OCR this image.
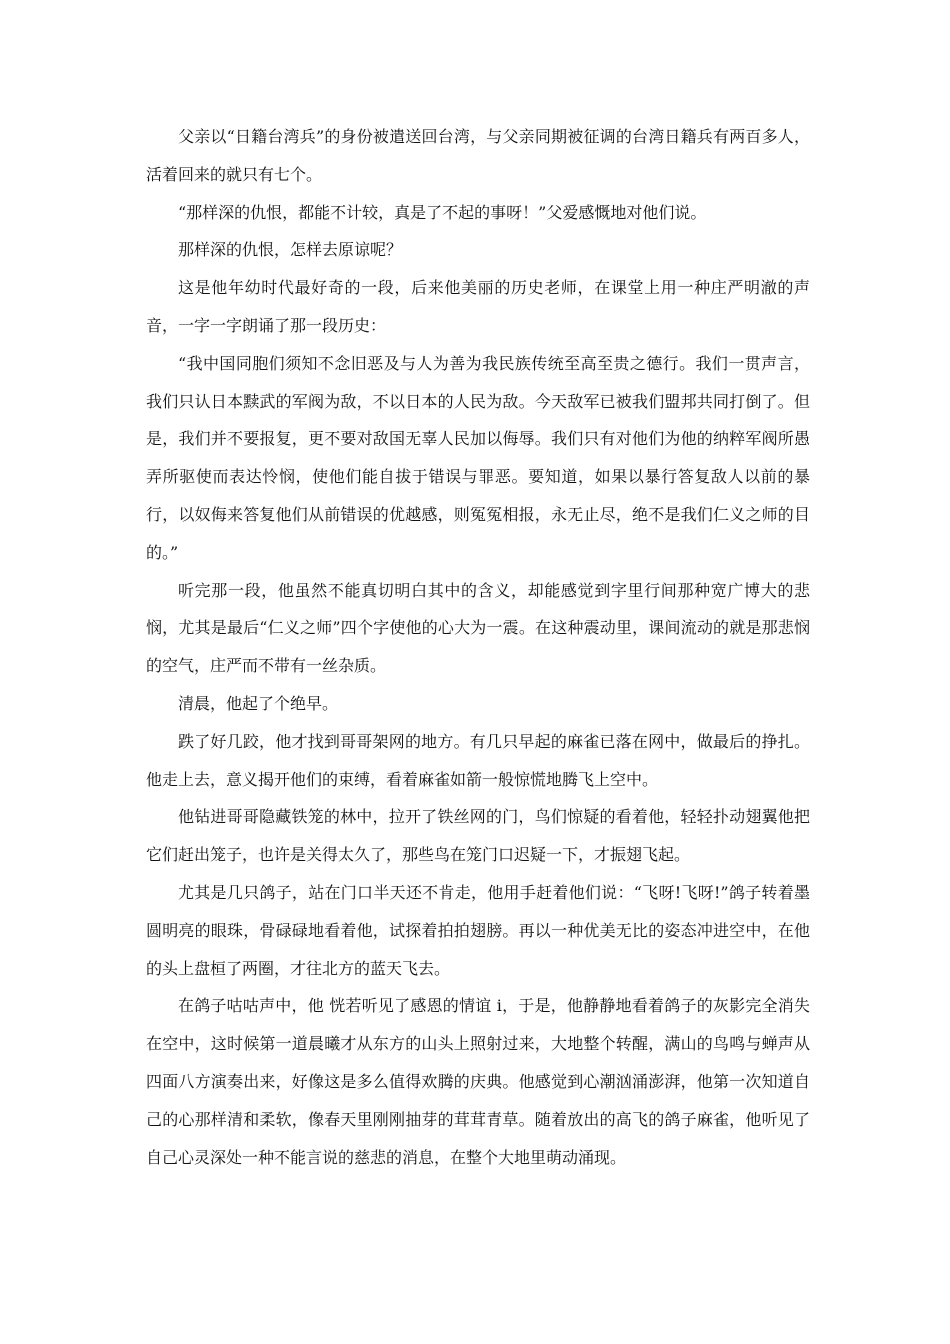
父亲以“日籍台湾兵”的身份被遣送回台湾，与父亲同期被征调的台湾日籍兵有两百多人，活着回来的就只有七个。

“那样深的仇恨，都能不计较，真是了不起的事呀！”父爱感慨地对他们说。

那样深的仇恨，怎样去原谅呢？

这是他年幼时代最好奇的一段，后来他美丽的历史老师，在课堂上用一种庄严明澈的声音，一字一字朗诵了那一段历史：

“我中国同胞们须知不念旧恶及与人为善为我民族传统至高至贵之德行。我们一贯声言，我们只认日本黩武的军阀为敌，不以日本的人民为敌。今天敌军已被我们盟邦共同打倒了。但是，我们并不要报复，更不要对敌国无辜人民加以侮辱。我们只有对他们为他的纳粹军阀所愚弄所驱使而表达怜悯，使他们能自拔于错误与罪恶。要知道，如果以暴行答复敌人以前的暴行，以奴侮来答复他们从前错误的优越感，则冤冤相报，永无止尽，绝不是我们仁义之师的目的。”

听完那一段，他虽然不能真切明白其中的含义，却能感觉到字里行间那种宽广博大的悲悯，尤其是最后“仁义之师”四个字使他的心大为一震。在这种震动里，课间流动的就是那悲悯的空气，庄严而不带有一丝杂质。

清晨，他起了个绝早。

跌了好几跤，他才找到哥哥架网的地方。有几只早起的麻雀已落在网中，做最后的挣扎。他走上去，意义揭开他们的束缚，看着麻雀如箭一般惊慌地腾飞上空中。

他钻进哥哥隐藏铁笼的林中，拉开了铁丝网的门，鸟们惊疑的看着他，轻轻扑动翅翼他把它们赶出笼子，也许是关得太久了，那些鸟在笼门口迟疑一下，才振翅飞起。

尤其是几只鸽子，站在门口半天还不肯走，他用手赶着他们说：“飞呀!飞呀!”鸽子转着墨圆明亮的眼珠，骨碌碌地看着他，试探着拍拍翅膀。再以一种优美无比的姿态冲进空中，在他的头上盘桓了两圈，才往北方的蓝天飞去。

在鸽子咕咕声中，他 恍若听见了感恩的情谊 i，于是，他静静地看着鸽子的灰影完全消失在空中，这时候第一道晨曦才从东方的山头上照射过来，大地整个转醒，满山的鸟鸣与蝉声从四面八方演奏出来，好像这是多么值得欢腾的庆典。他感觉到心潮汹涌澎湃，他第一次知道自己的心那样清和柔软，像春天里刚刚抽芽的茸茸青草。随着放出的高飞的鸽子麻雀，他听见了自己心灵深处一种不能言说的慈悲的消息，在整个大地里萌动涌现。
